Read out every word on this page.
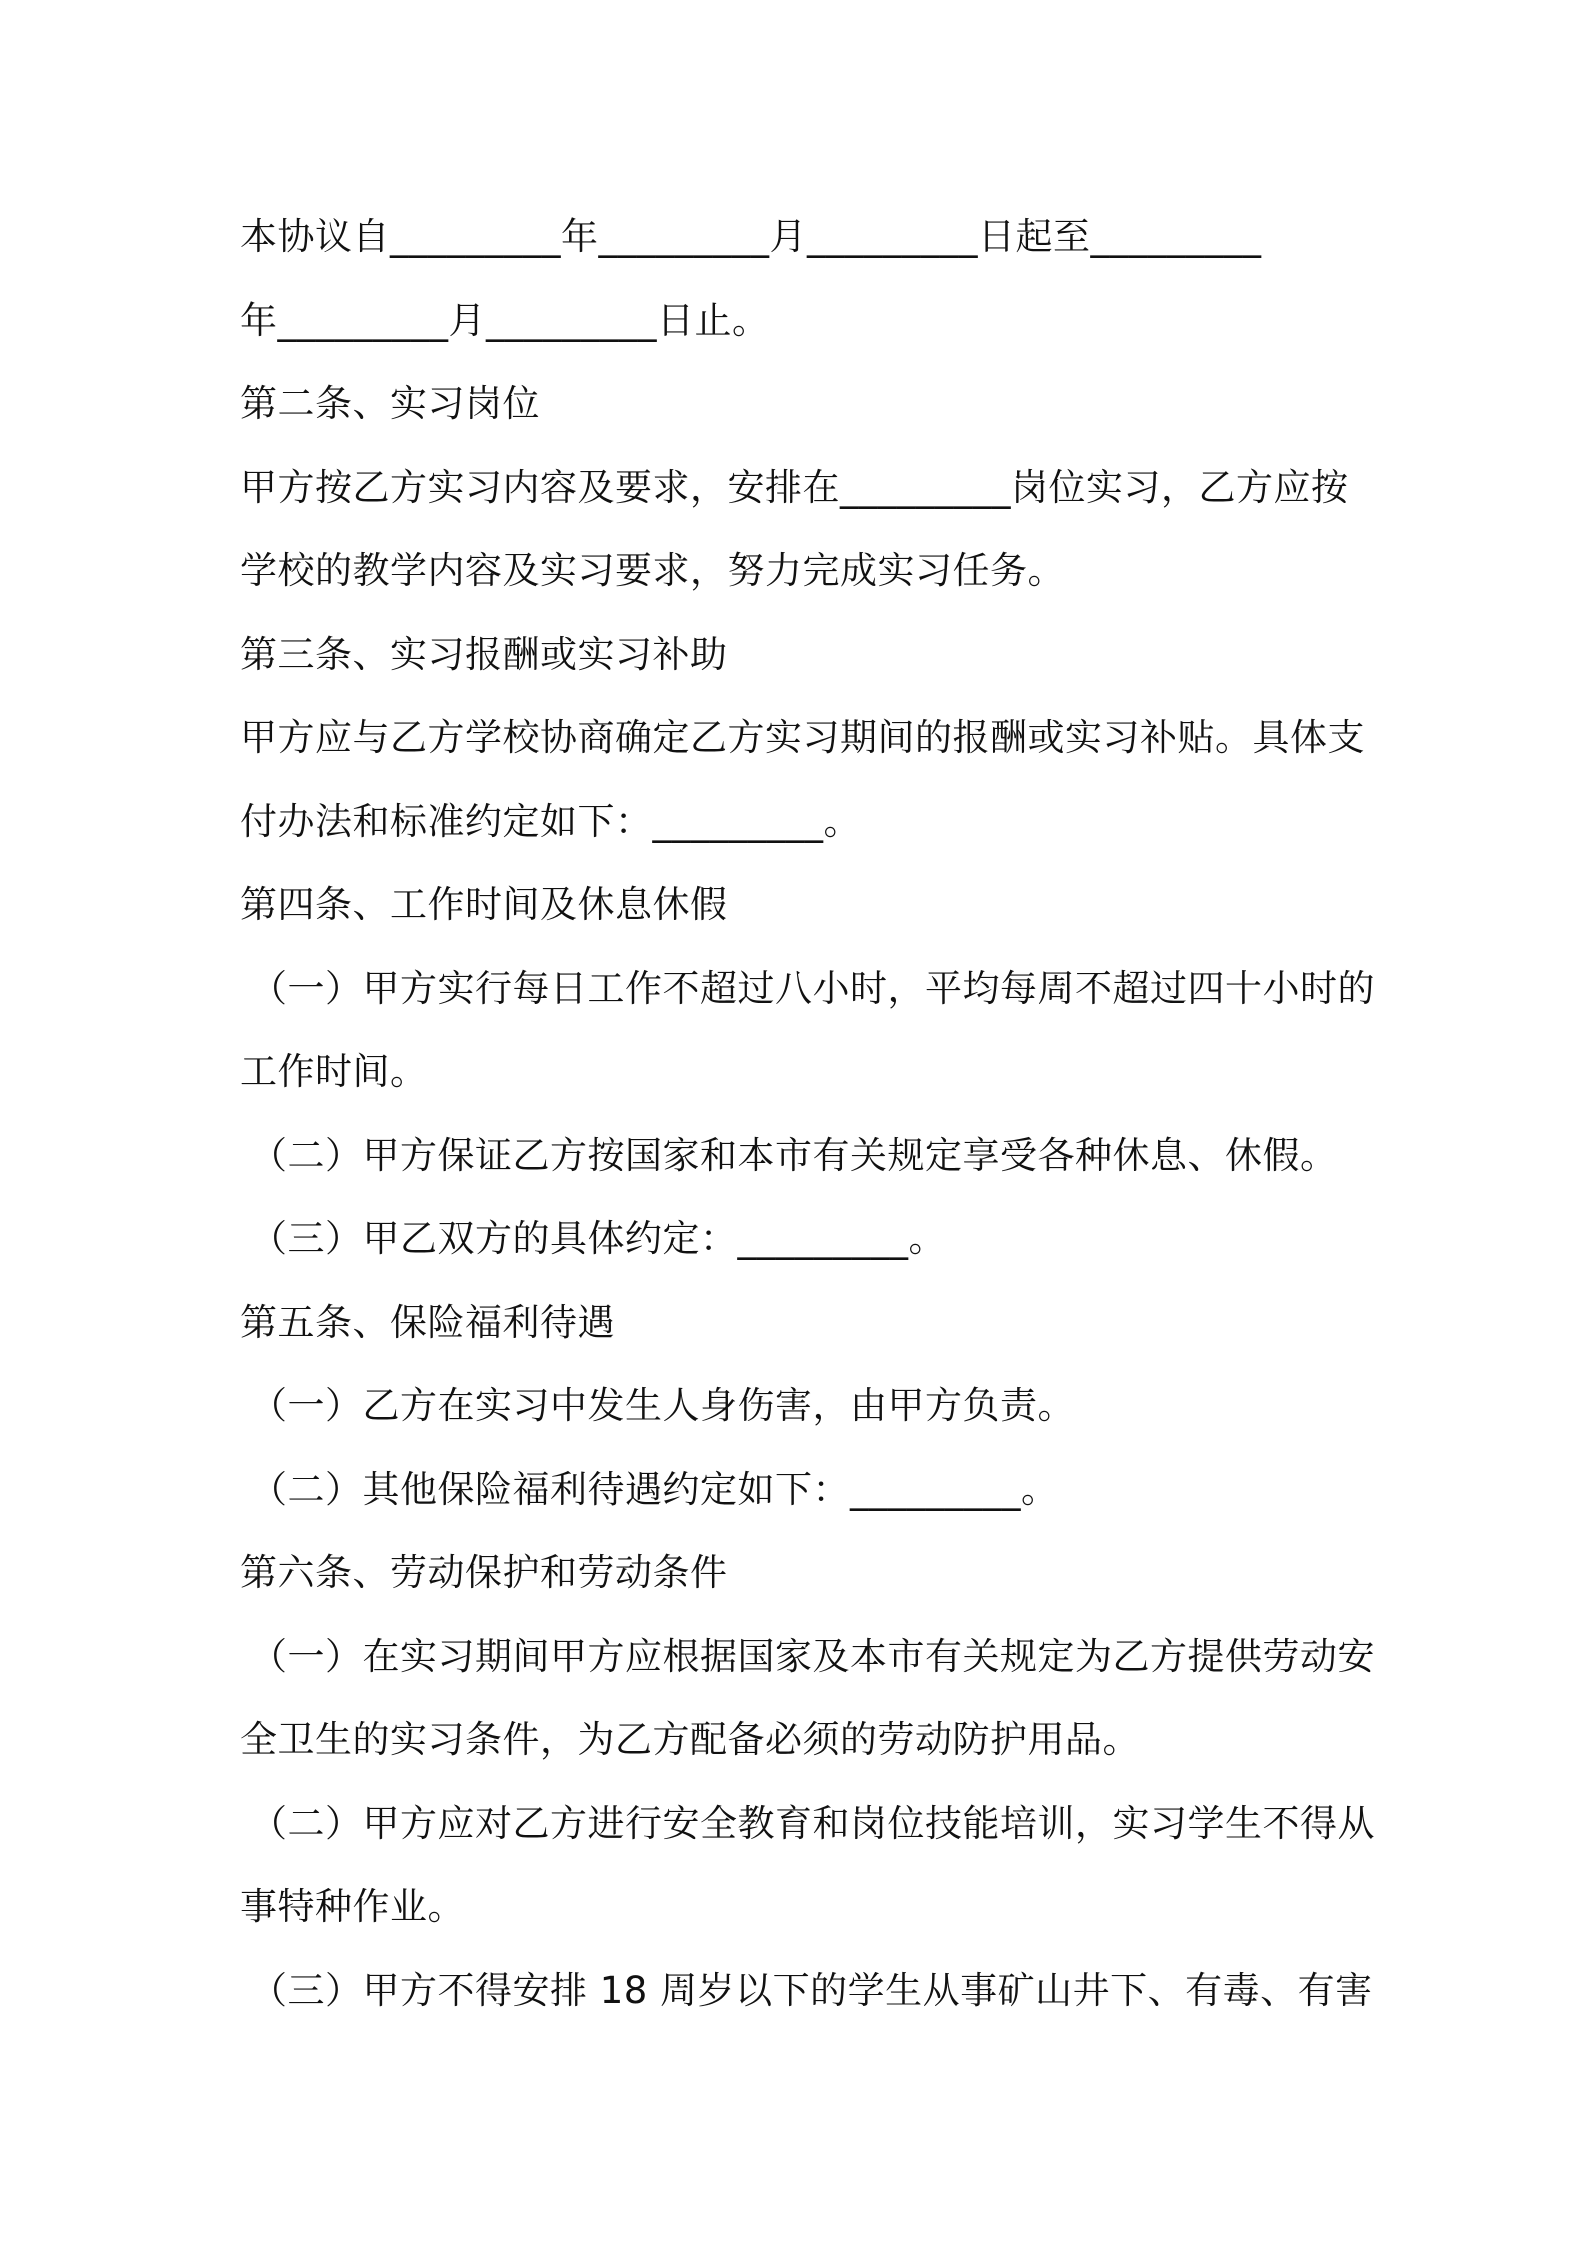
本协议自_________年_________月_________日起至_________
年_________月_________日止。
第二条、实习岗位
甲方按乙方实习内容及要求，安排在_________岗位实习，乙方应按
学校的教学内容及实习要求，努力完成实习任务。
第三条、实习报酬或实习补助
甲方应与乙方学校协商确定乙方实习期间的报酬或实习补贴。具体支
付办法和标准约定如下：_________。
第四条、工作时间及休息休假
（一）甲方实行每日工作不超过八小时，平均每周不超过四十小时的
工作时间。
（二）甲方保证乙方按国家和本市有关规定享受各种休息、休假。
（三）甲乙双方的具体约定：_________。
第五条、保险福利待遇
（一）乙方在实习中发生人身伤害，由甲方负责。
（二）其他保险福利待遇约定如下：_________。
第六条、劳动保护和劳动条件
（一）在实习期间甲方应根据国家及本市有关规定为乙方提供劳动安
全卫生的实习条件，为乙方配备必须的劳动防护用品。
（二）甲方应对乙方进行安全教育和岗位技能培训，实习学生不得从
事特种作业。
（三）甲方不得安排 18 周岁以下的学生从事矿山井下、有毒、有害
